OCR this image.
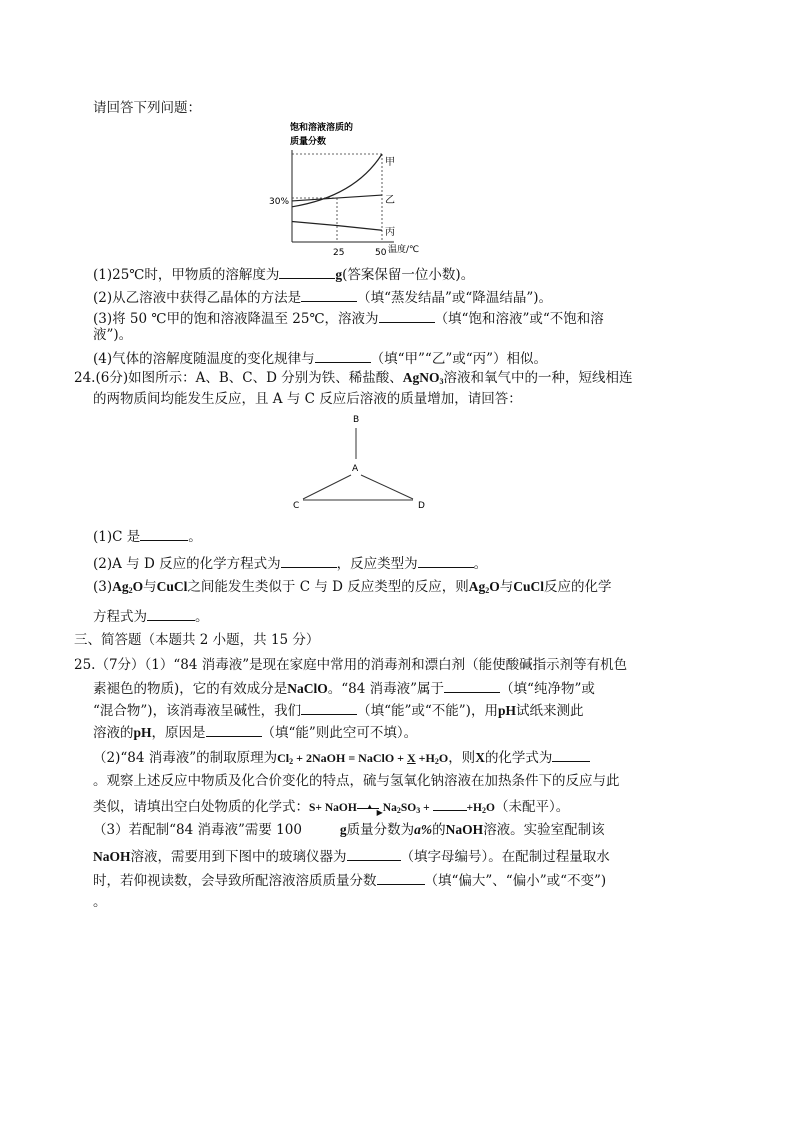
请回答下列问题：
饱和溶液溶质的
质量分数
30%
25	50 温度/℃
甲
乙
丙
(1)25℃时，甲物质的溶解度为	g(答案保留一位小数)。
(2)从乙溶液中获得乙晶体的方法是	（填“蒸发结晶”或“降温结晶”)。
(3)将 50 ℃甲的饱和溶液降温至 25℃，溶液为	（填“饱和溶液”或“不饱和溶
液”)。
(4)气体的溶解度随温度的变化规律与	（填“甲”“乙”或“丙”）相似。
24.(6分)如图所示：A、B、C、D 分别为铁、稀盐酸、AgNO$_3$溶液和氧气中的一种，短线相连
的两物质间均能发生反应，且 A 与 C 反应后溶液的质量增加，请回答：
B
A
C	D
(1)C 是	。
(2)A 与 D 反应的化学方程式为	，反应类型为	。
$(3)Ag_2O$与CuCl之间能发生类似于 C 与 D 反应类型的反应，则$Ag_2O$与CuCl反应的化学
方程式为	。
三、简答题（本题共 2 小题，共 15 分）
25.（7分）（1）“84 消毒液”是现在家庭中常用的消毒剂和漂白剂（能使酸碱指示剂等有机色
素褪色的物质)，它的有效成分是NaClO。“84 消毒液”属于	（填“纯净物”或
“混合物”)，该消毒液呈碱性，我们	（填“能”或“不能”)，用pH试纸来测此
溶液的pH，原因是	（填“能”则此空可不填）。
（2)“84 消毒液”的制取原理为$Cl_2$ + 2NaOH = NaClO + $X +H_2O$，则X的化学式为
。观察上述反应中物质及化合价变化的特点，硫与氢氧化钠溶液在加热条件下的反应与此
类似，请填出空白处物质的化学式：S+ NaOH ▶
▲ $Na_2SO_3$ +	$+H_2O$（未配平）。
（3）若配制“84 消毒液”需要 100	g质量分数为a%的NaOH溶液。实验室配制该
NaOH溶液，需要用到下图中的玻璃仪器为	（填字母编号）。在配制过程量取水
时，若仰视读数，会导致所配溶液溶质质量分数	（填“偏大”、“偏小”或“不变”)
。
